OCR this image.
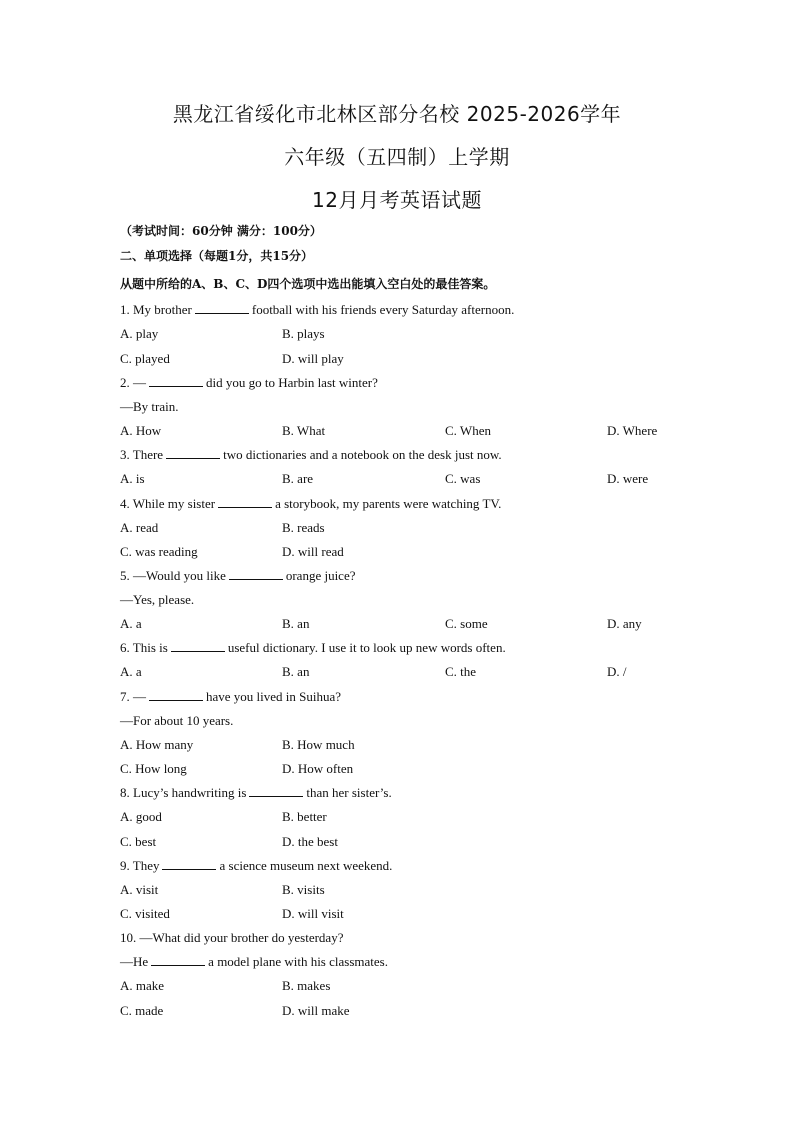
黑龙江省绥化市北林区部分名校 2025-2026学年
六年级（五四制）上学期
12月月考英语试题
（考试时间：60分钟 满分：100分）
二、单项选择（每题1分，共15分）
从题中所给的A、B、C、D四个选项中选出能填入空白处的最佳答案。
1. My brother	football with his friends every Saturday afternoon.
A. play	B. plays
C. played	D. will play
2. —	did you go to Harbin last winter?
—By train.
A. How	B. What	C. When	D. Where
3. There	two dictionaries and a notebook on the desk just now.
A. is	B. are	C. was	D. were
4. While my sister	a storybook, my parents were watching TV.
A. read	B. reads
C. was reading	D. will read
5. —Would you like	orange juice?
—Yes, please.
A. a	B. an	C. some	D. any
6. This is	useful dictionary. I use it to look up new words often.
A. a	B. an	C. the	D. /
7. —	have you lived in Suihua?
—For about 10 years.
A. How many	B. How much
C. How long	D. How often
8. Lucy’s handwriting is	than her sister’s.
A. good	B. better
C. best	D. the best
9. They	a science museum next weekend.
A. visit	B. visits
C. visited	D. will visit
10. —What did your brother do yesterday?
—He	a model plane with his classmates.
A. make	B. makes
C. made	D. will make
